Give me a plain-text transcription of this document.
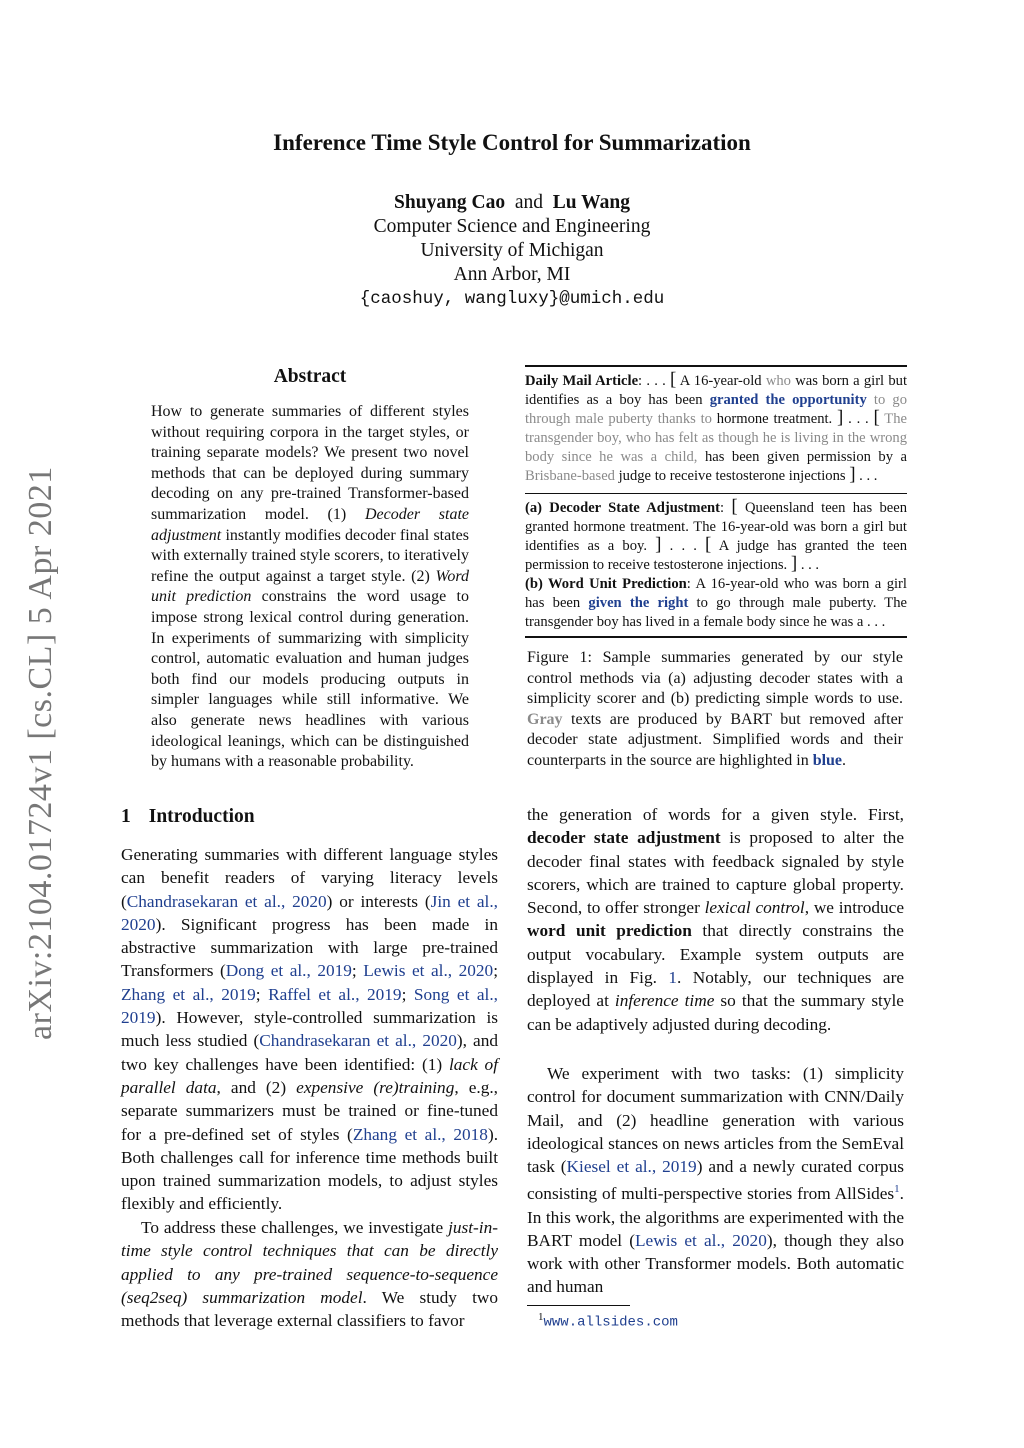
Inference Time Style Control for Summarization
Shuyang Cao and Lu Wang
Computer Science and Engineering
University of Michigan
Ann Arbor, MI
{caoshuy, wangluxy}@umich.edu
arXiv:2104.01724v1 [cs.CL] 5 Apr 2021
Abstract
How to generate summaries of different styles without requiring corpora in the target styles, or training separate models? We present two novel methods that can be deployed during summary decoding on any pre-trained Transformer-based summarization model. (1) Decoder state adjustment instantly modifies decoder final states with externally trained style scorers, to iteratively refine the output against a target style. (2) Word unit prediction constrains the word usage to impose strong lexical control during generation. In experiments of summarizing with simplicity control, automatic evaluation and human judges both find our models producing outputs in simpler languages while still informative. We also generate news headlines with various ideological leanings, which can be distinguished by humans with a reasonable probability.
1 Introduction
Generating summaries with different language styles can benefit readers of varying literacy levels (Chandrasekaran et al., 2020) or interests (Jin et al., 2020). Significant progress has been made in abstractive summarization with large pre-trained Transformers (Dong et al., 2019; Lewis et al., 2020; Zhang et al., 2019; Raffel et al., 2019; Song et al., 2019). However, style-controlled summarization is much less studied (Chandrasekaran et al., 2020), and two key challenges have been identified: (1) lack of parallel data, and (2) expensive (re)training, e.g., separate summarizers must be trained or fine-tuned for a pre-defined set of styles (Zhang et al., 2018). Both challenges call for inference time methods built upon trained summarization models, to adjust styles flexibly and efficiently.
To address these challenges, we investigate just-in-time style control techniques that can be directly applied to any pre-trained sequence-to-sequence (seq2seq) summarization model. We study two methods that leverage external classifiers to favor
Daily Mail Article: . . . [ A 16-year-old who was born a girl but identifies as a boy has been granted the opportunity to go through male puberty thanks to hormone treatment. ] . . . [ The transgender boy, who has felt as though he is living in the wrong body since he was a child, has been given permission by a Brisbane-based judge to receive testosterone injections ] . . .
(a) Decoder State Adjustment: [ Queensland teen has been granted hormone treatment. The 16-year-old was born a girl but identifies as a boy. ] . . . [ A judge has granted the teen permission to receive testosterone injections. ] . . .
(b) Word Unit Prediction: A 16-year-old who was born a girl has been given the right to go through male puberty. The transgender boy has lived in a female body since he was a . . .
Figure 1: Sample summaries generated by our style control methods via (a) adjusting decoder states with a simplicity scorer and (b) predicting simple words to use. Gray texts are produced by BART but removed after decoder state adjustment. Simplified words and their counterparts in the source are highlighted in blue.
the generation of words for a given style. First, decoder state adjustment is proposed to alter the decoder final states with feedback signaled by style scorers, which are trained to capture global property. Second, to offer stronger lexical control, we introduce word unit prediction that directly constrains the output vocabulary. Example system outputs are displayed in Fig. 1. Notably, our techniques are deployed at inference time so that the summary style can be adaptively adjusted during decoding.
We experiment with two tasks: (1) simplicity control for document summarization with CNN/Daily Mail, and (2) headline generation with various ideological stances on news articles from the SemEval task (Kiesel et al., 2019) and a newly curated corpus consisting of multi-perspective stories from AllSides$^1$. In this work, the algorithms are experimented with the BART model (Lewis et al., 2020), though they also work with other Transformer models. Both automatic and human
$^1$www.allsides.com
